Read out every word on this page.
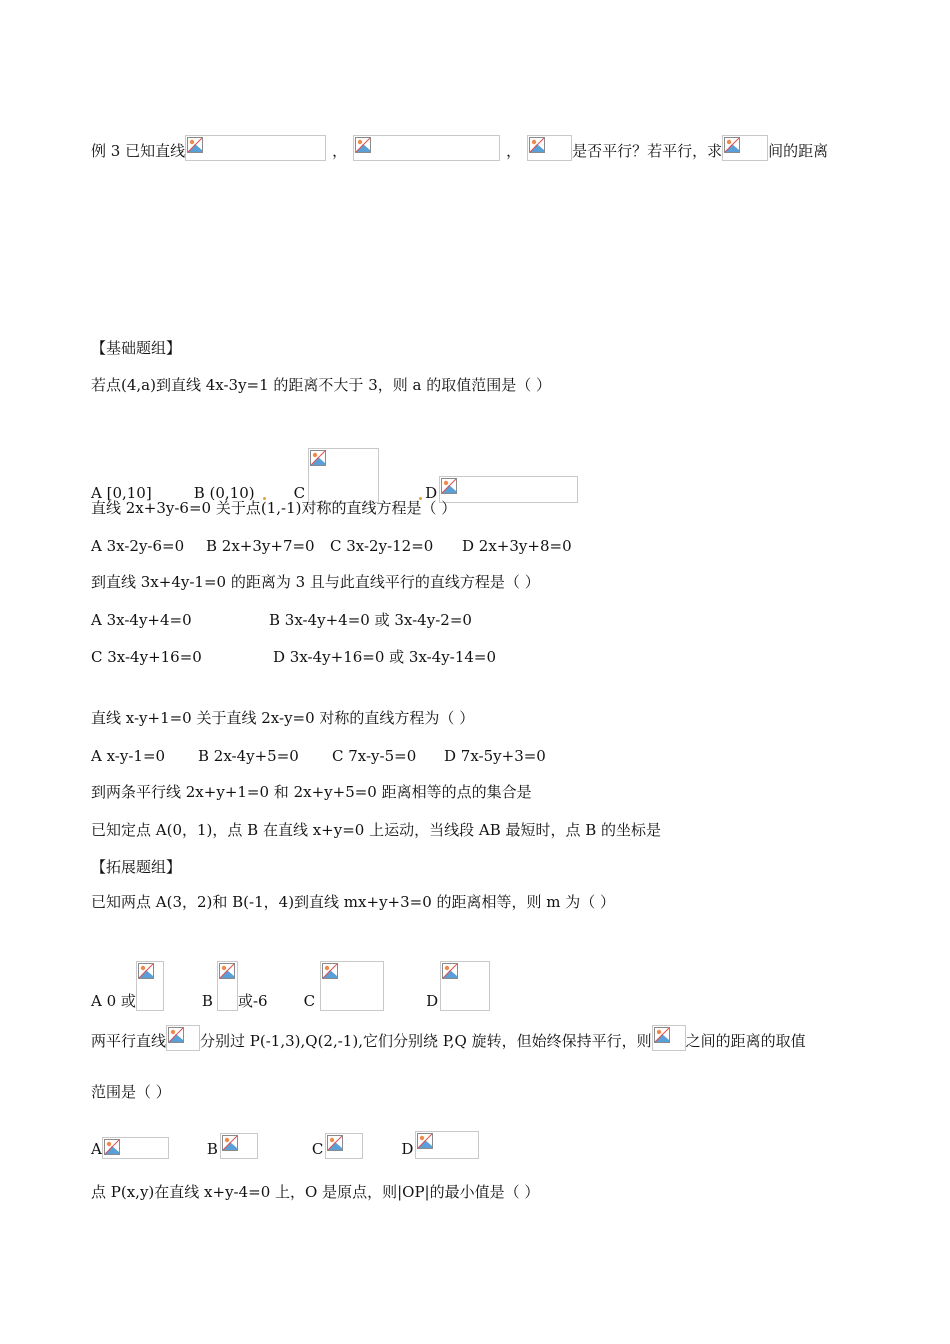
例 3 已知直线	，	，	是否平行？若平行，求	间的距离
【基础题组】
若点(4,a)到直线 4x-3y=1 的距离不大于 3，则 a 的取值范围是（ ）
A [0,10]	B (0,10)	C	D
直线 2x+3y-6=0 关于点(1,-1)对称的直线方程是（ ）
A 3x-2y-6=0 B 2x+3y+7=0 C 3x-2y-12=0 D 2x+3y+8=0
到直线 3x+4y-1=0 的距离为 3 且与此直线平行的直线方程是（ ）
A 3x-4y+4=0	B 3x-4y+4=0 或 3x-4y-2=0
C 3x-4y+16=0	D 3x-4y+16=0 或 3x-4y-14=0
直线 x-y+1=0 关于直线 2x-y=0 对称的直线方程为（ ）
A x-y-1=0 B 2x-4y+5=0 C 7x-y-5=0 D 7x-5y+3=0
到两条平行线 2x+y+1=0 和 2x+y+5=0 距离相等的点的集合是
已知定点 A(0，1)，点 B 在直线 x+y=0 上运动，当线段 AB 最短时，点 B 的坐标是
【拓展题组】
已知两点 A(3，2)和 B(-1，4)到直线 mx+y+3=0 的距离相等，则 m 为（ ）
A 0 或	B 或-6 C	D
两平行直线 分别过 P(-1,3),Q(2,-1),它们分别绕 P,Q 旋转，但始终保持平行，则 之间的距离的取值
范围是（ ）
A	B	C	D
点 P(x,y)在直线 x+y-4=0 上，O 是原点，则|OP|的最小值是（ ）
